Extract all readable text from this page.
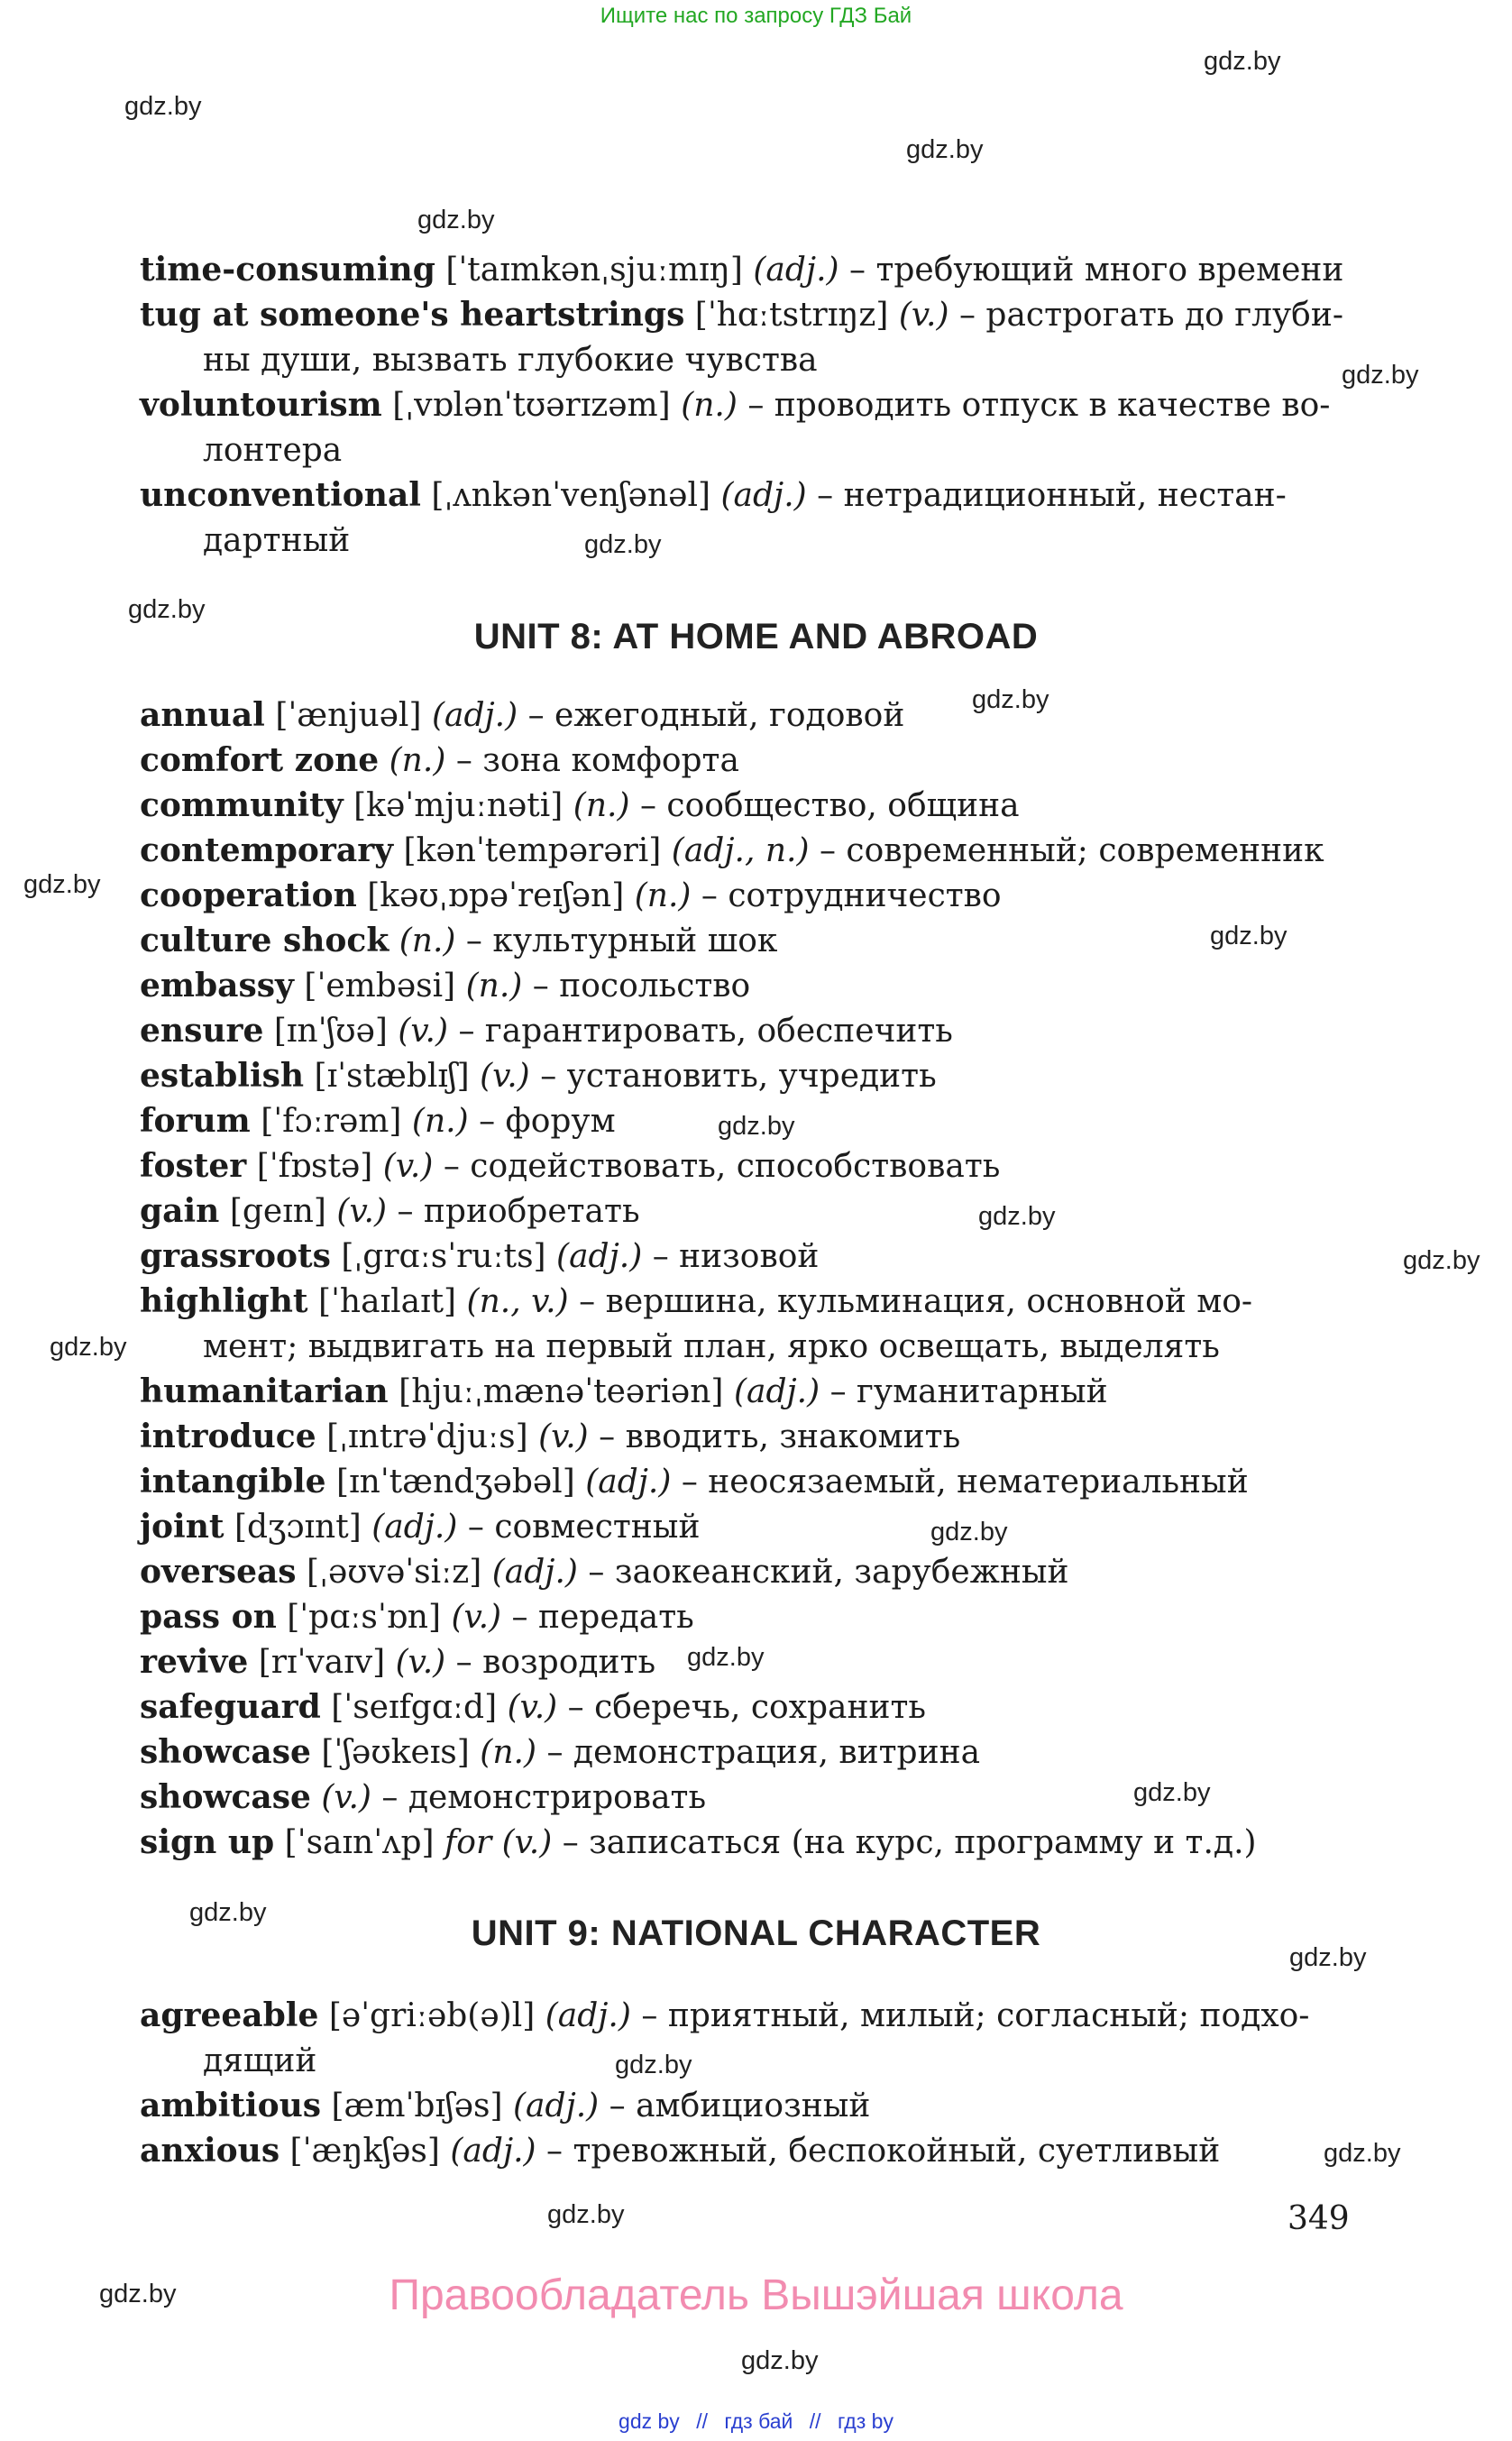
Ищите нас по запросу ГДЗ Бай
gdz.by
gdz.by
gdz.by
gdz.by
gdz.by
gdz.by
gdz.by
gdz.by
gdz.by
gdz.by
gdz.by
gdz.by
gdz.by
gdz.by
gdz.by
gdz.by
gdz.by
gdz.by
gdz.by
gdz.by
gdz.by
gdz.by
gdz.by
gdz.by
time-consuming [ˈtaɪmkənˌsjuːmɪŋ] (adj.) – требующий много времени
tug at someone's heartstrings [ˈhɑːtstrɪŋz] (v.) – растрогать до глуби-
ны души, вызвать глубокие чувства
voluntourism [ˌvɒlənˈtʊərɪzəm] (n.) – проводить отпуск в качестве во-
лонтера
unconventional [ˌʌnkənˈvenʃənəl] (adj.) – нетрадиционный, нестан-
дартный
UNIT 8: AT HOME AND ABROAD
annual [ˈænjuəl] (adj.) – ежегодный, годовой
comfort zone (n.) – зона комфорта
community [kəˈmjuːnəti] (n.) – сообщество, община
contemporary [kənˈtempərəri] (adj., n.) – современный; современник
cooperation [kəʊˌɒpəˈreɪʃən] (n.) – сотрудничество
culture shock (n.) – культурный шок
embassy [ˈembəsi] (n.) – посольство
ensure [ɪnˈʃʊə] (v.) – гарантировать, обеспечить
establish [ɪˈstæblɪʃ] (v.) – установить, учредить
forum [ˈfɔːrəm] (n.) – форум
foster [ˈfɒstə] (v.) – содействовать, способствовать
gain [geɪn] (v.) – приобретать
grassroots [ˌgrɑːsˈruːts] (adj.) – низовой
highlight [ˈhaɪlaɪt] (n., v.) – вершина, кульминация, основной мо-
мент; выдвигать на первый план, ярко освещать, выделять
humanitarian [hjuːˌmænəˈteəriən] (adj.) – гуманитарный
introduce [ˌɪntrəˈdjuːs] (v.) – вводить, знакомить
intangible [ɪnˈtændʒəbəl] (adj.) – неосязаемый, нематериальный
joint [dʒɔɪnt] (adj.) – совместный
overseas [ˌəʊvəˈsiːz] (adj.) – заокеанский, зарубежный
pass on [ˈpɑːsˈɒn] (v.) – передать
revive [rɪˈvaɪv] (v.) – возродить
safeguard [ˈseɪfgɑːd] (v.) – сберечь, сохранить
showcase [ˈʃəʊkeɪs] (n.) – демонстрация, витрина
showcase (v.) – демонстрировать
sign up [ˈsaɪnˈʌp] for (v.) – записаться (на курс, программу и т.д.)
UNIT 9: NATIONAL CHARACTER
agreeable [əˈgriːəb(ə)l] (adj.) – приятный, милый; согласный; подхо-
дящий
ambitious [æmˈbɪʃəs] (adj.) – амбициозный
anxious [ˈæŋkʃəs] (adj.) – тревожный, беспокойный, суетливый
349
Правообладатель Вышэйшая школа
gdz by // гдз бай // гдз by
